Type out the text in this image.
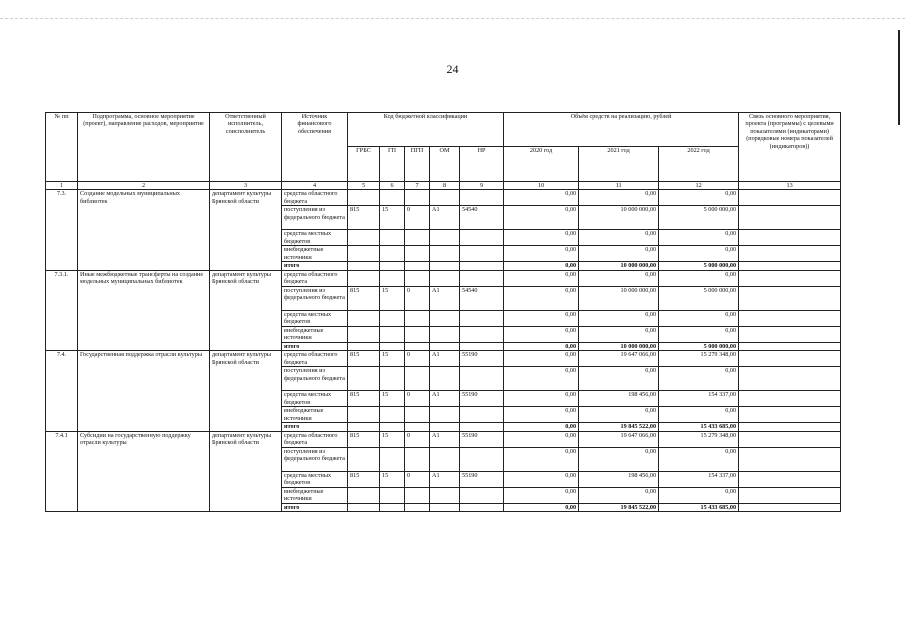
24
№ пп	Подпрограмма, основное мероприятие (проект), направление расходов, мероприятие	Ответственный исполнитель, соисполнитель	Источник финансового обеспечения	Код бюджетной классификации					Объём средств на реализацию, рублей			Связь основного мероприятия, проекта (программы) с целевыми показателями (индикаторами) (порядковые номера показателей (индикаторов))
				ГРБС	ГП	ПГП	ОМ	НР	2020 год	2021 год	2022 год	
1	2	3	4	5	6	7	8	9	10	11	12	13
7.3.	Создание модельных муниципальных библиотек	департамент культуры Брянской области	средства областного бюджета						0,00	0,00	0,00	
			поступления из федерального бюджета	815	15	0	A1	54540	0,00	10 000 000,00	5 000 000,00	
			средства местных бюджетов						0,00	0,00	0,00	
			внебюджетные источники						0,00	0,00	0,00	
			итого						0,00	10 000 000,00	5 000 000,00	
7.3.1.	Иные межбюджетные трансферты на создание модельных муниципальных библиотек	департамент культуры Брянской области	средства областного бюджета						0,00	0,00	0,00	
			поступления из федерального бюджета	815	15	0	A1	54540	0,00	10 000 000,00	5 000 000,00	
			средства местных бюджетов						0,00	0,00	0,00	
			внебюджетные источники						0,00	0,00	0,00	
			итого						0,00	10 000 000,00	5 000 000,00	
7.4.	Государственная поддержка отрасли культуры	департамент культуры Брянской области	средства областного бюджета	815	15	0	A1	55190	0,00	19 647 066,00	15 279 348,00	
			поступления из федерального бюджета						0,00	0,00	0,00	
			средства местных бюджетов	815	15	0	A1	55190	0,00	198 456,00	154 337,00	
			внебюджетные источники						0,00	0,00	0,00	
			итого						0,00	19 845 522,00	15 433 685,00	
7.4.1	Субсидии на государственную поддержку отрасли культуры	департамент культуры Брянской области	средства областного бюджета	815	15	0	A1	55190	0,00	19 647 066,00	15 279 348,00	
			поступления из федерального бюджета						0,00	0,00	0,00	
			средства местных бюджетов	815	15	0	A1	55190	0,00	198 456,00	154 337,00	
			внебюджетные источники						0,00	0,00	0,00	
			итого						0,00	19 845 522,00	15 433 685,00	
